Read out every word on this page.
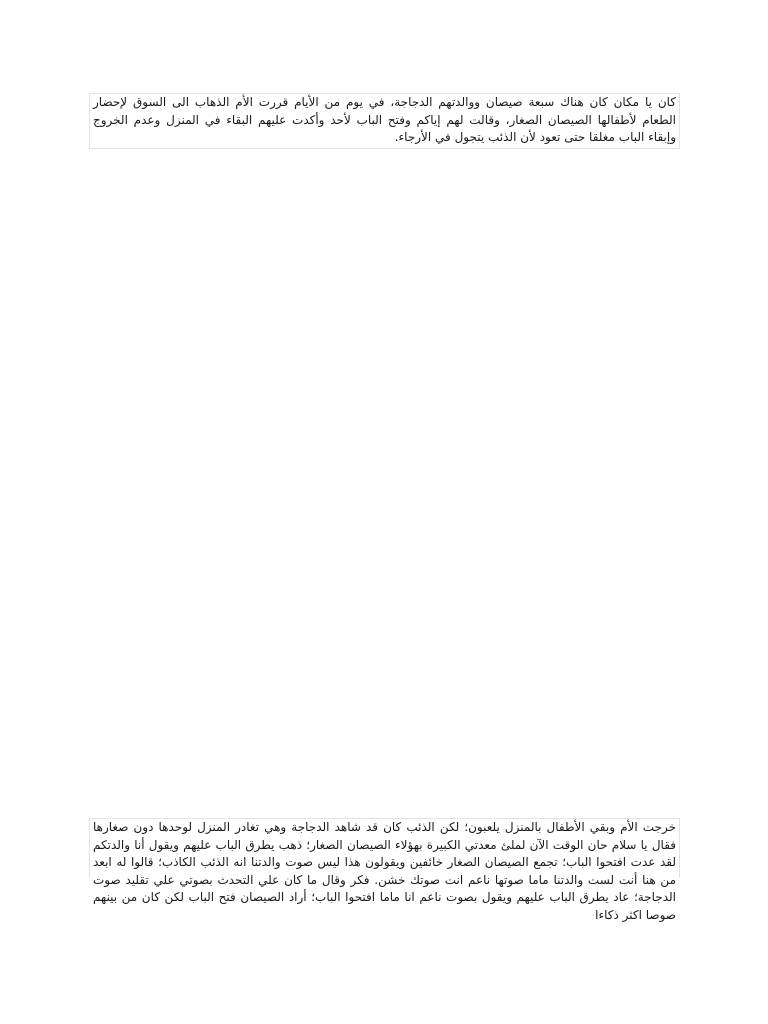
كان يا مكان كان هناك سبعة صيصان ووالدتهم الدجاجة، في يوم من الأيام قررت الأم الذهاب الى السوق لإحضار الطعام لأطفالها الصيصان الصغار، وقالت لهم إياكم وفتح الباب لأحد وأكدت عليهم البقاء في المنزل وعدم الخروج وإبقاء الباب مغلقا حتى تعود لأن الذئب يتجول في الأرجاء.

خرجت الأم وبقي الأطفال بالمنزل يلعبون؛ لكن الذئب كان قد شاهد الدجاجة وهي تغادر المنزل لوحدها دون صغارها فقال يا سلام حان الوقت الآن لملئ معدتي الكبيرة بهؤلاء الصيصان الصغار؛ ذهب يطرق الباب عليهم ويقول أنا والدتكم لقد عدت افتحوا الباب؛ تجمع الصيصان الصغار خائفين ويقولون هذا ليس صوت والدتنا انه الذئب الكاذب؛ قالوا له ابعد من هنا أنت لست والدتنا ماما صوتها ناعم انت صوتك خشن. فكر وقال ما كان علي التحدث بصوتي علي تقليد صوت الدجاجة؛ عاد يطرق الباب عليهم ويقول بصوت ناعم انا ماما افتحوا الباب؛ أراد الصيصان فتح الباب لكن كان من بينهم صوصا اكثر ذكاءا
